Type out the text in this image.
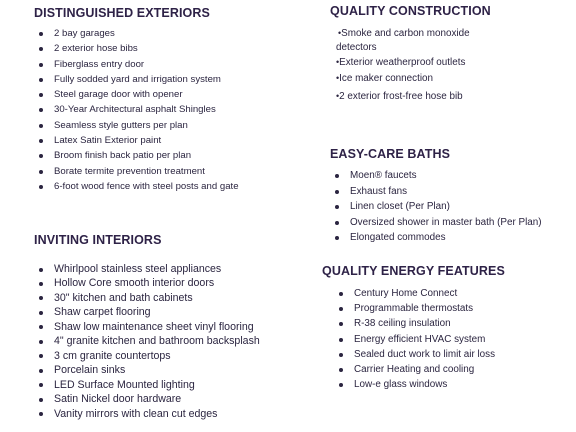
DISTINGUISHED EXTERIORS
2 bay garages
2 exterior hose bibs
Fiberglass entry door
Fully sodded yard and irrigation system
Steel garage door with opener
30-Year Architectural asphalt Shingles
Seamless style gutters per plan
Latex Satin Exterior paint
Broom finish back patio per plan
Borate termite prevention treatment
6-foot wood fence with steel posts and gate
INVITING INTERIORS
Whirlpool stainless steel appliances
Hollow Core smooth interior doors
30" kitchen and bath cabinets
Shaw carpet flooring
Shaw low maintenance sheet vinyl flooring
4" granite kitchen and bathroom backsplash
3 cm granite countertops
Porcelain sinks
LED Surface Mounted lighting
Satin Nickel door hardware
Vanity mirrors with clean cut edges
QUALITY CONSTRUCTION
•Smoke and carbon monoxide
detectors
•Exterior weatherproof outlets
•Ice maker connection
•2 exterior frost-free hose bib
EASY-CARE BATHS
Moen® faucets
Exhaust fans
Linen closet (Per Plan)
Oversized shower in master bath (Per Plan)
Elongated commodes
QUALITY ENERGY FEATURES
Century Home Connect
Programmable thermostats
R-38 ceiling insulation
Energy efficient HVAC system
Sealed duct work to limit air loss
Carrier Heating and cooling
Low-e glass windows
